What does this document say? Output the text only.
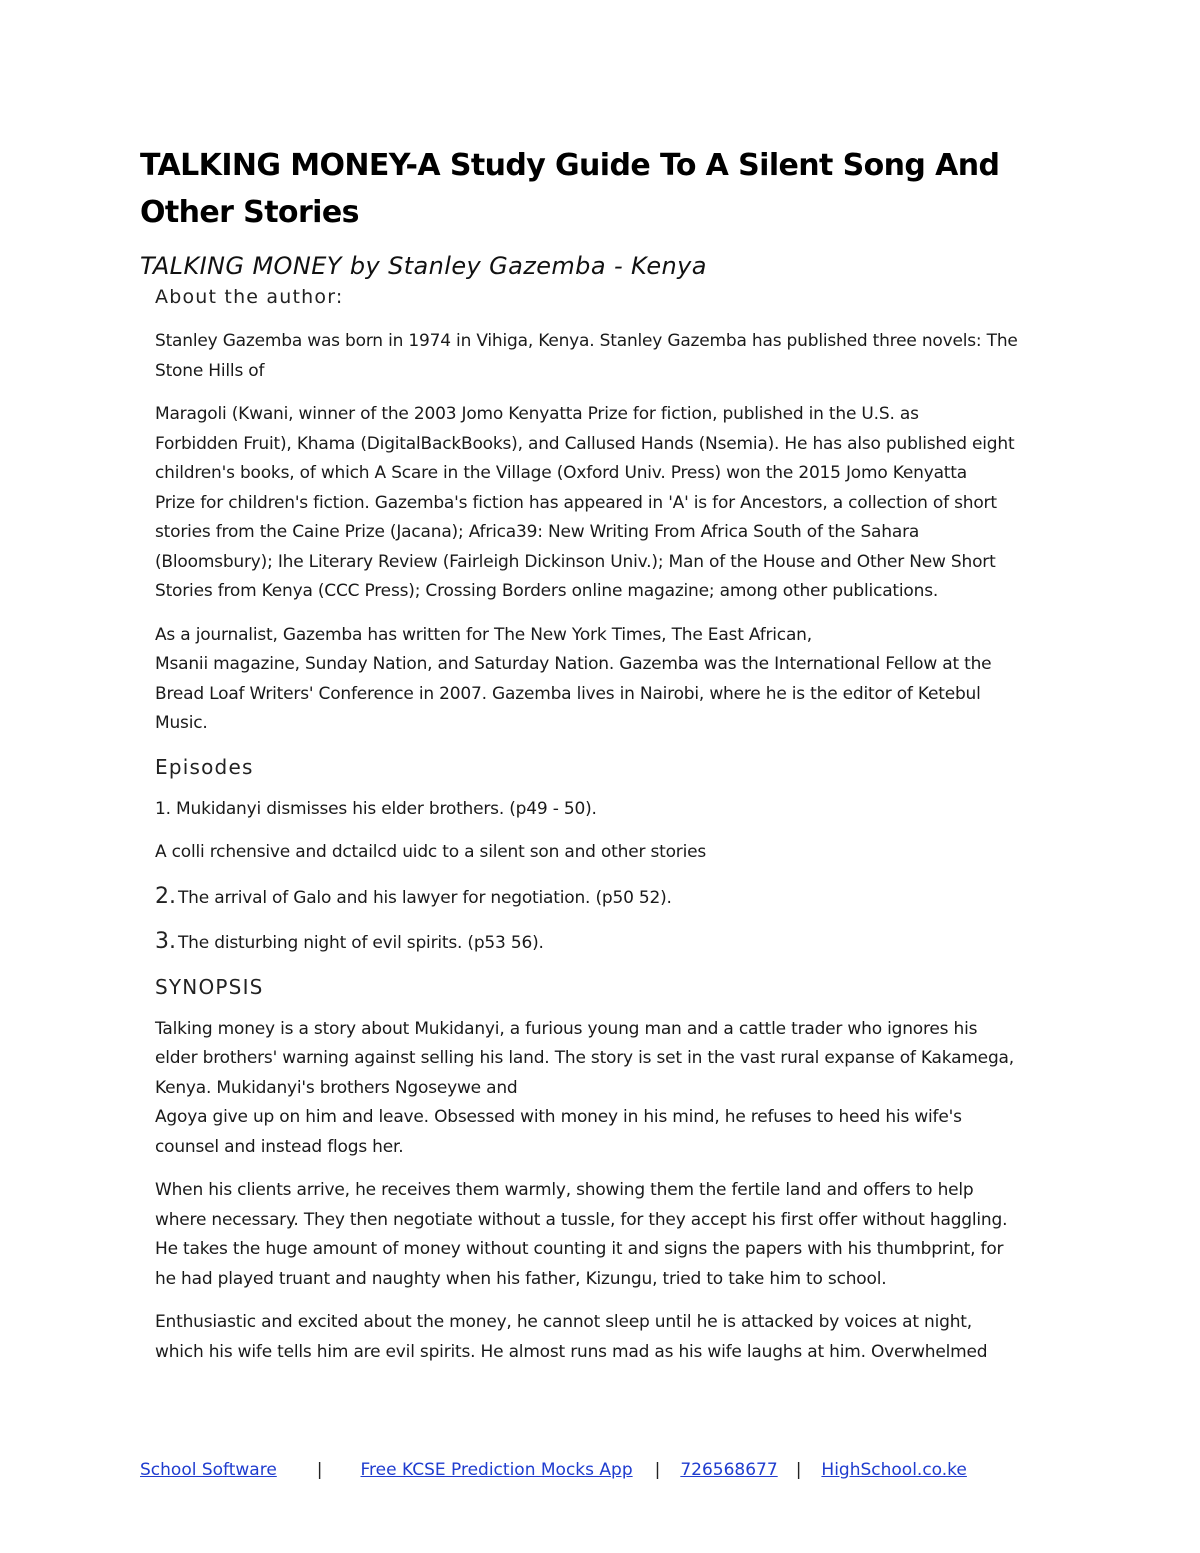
TALKING MONEY-A Study Guide To A Silent Song And Other Stories
TALKING MONEY by Stanley Gazemba - Kenya
About the author:

Stanley Gazemba was born in 1974 in Vihiga, Kenya. Stanley Gazemba has published three novels: The
Stone Hills of

Maragoli (Kwani, winner of the 2003 Jomo Kenyatta Prize for fiction, published in the U.S. as
Forbidden Fruit), Khama (DigitalBackBooks), and Callused Hands (Nsemia). He has also published eight
children's books, of which A Scare in the Village (Oxford Univ. Press) won the 2015 Jomo Kenyatta
Prize for children's fiction. Gazemba's fiction has appeared in 'A' is for Ancestors, a collection of short
stories from the Caine Prize (Jacana); Africa39: New Writing From Africa South of the Sahara
(Bloomsbury); Ihe Literary Review (Fairleigh Dickinson Univ.); Man of the House and Other New Short
Stories from Kenya (CCC Press); Crossing Borders online magazine; among other publications.

As a journalist, Gazemba has written for The New York Times, The East African,
Msanii magazine, Sunday Nation, and Saturday Nation. Gazemba was the International Fellow at the
Bread Loaf Writers' Conference in 2007. Gazemba lives in Nairobi, where he is the editor of Ketebul
Music.

Episodes

1. Mukidanyi dismisses his elder brothers. (p49 - 50).

A colli rchensive and dctailcd uidc to a silent son and other stories

2. The arrival of Galo and his lawyer for negotiation. (p50 52).

3. The disturbing night of evil spirits. (p53 56).

SYNOPSIS

Talking money is a story about Mukidanyi, a furious young man and a cattle trader who ignores his
elder brothers' warning against selling his land. The story is set in the vast rural expanse of Kakamega,
Kenya. Mukidanyi's brothers Ngoseywe and
Agoya give up on him and leave. Obsessed with money in his mind, he refuses to heed his wife's
counsel and instead flogs her.

When his clients arrive, he receives them warmly, showing them the fertile land and offers to help
where necessary. They then negotiate without a tussle, for they accept his first offer without haggling.
He takes the huge amount of money without counting it and signs the papers with his thumbprint, for
he had played truant and naughty when his father, Kizungu, tried to take him to school.

Enthusiastic and excited about the money, he cannot sleep until he is attacked by voices at night,
which his wife tells him are evil spirits. He almost runs mad as his wife laughs at him. Overwhelmed

School Software | Free KCSE Prediction Mocks App | 726568677 | HighSchool.co.ke
